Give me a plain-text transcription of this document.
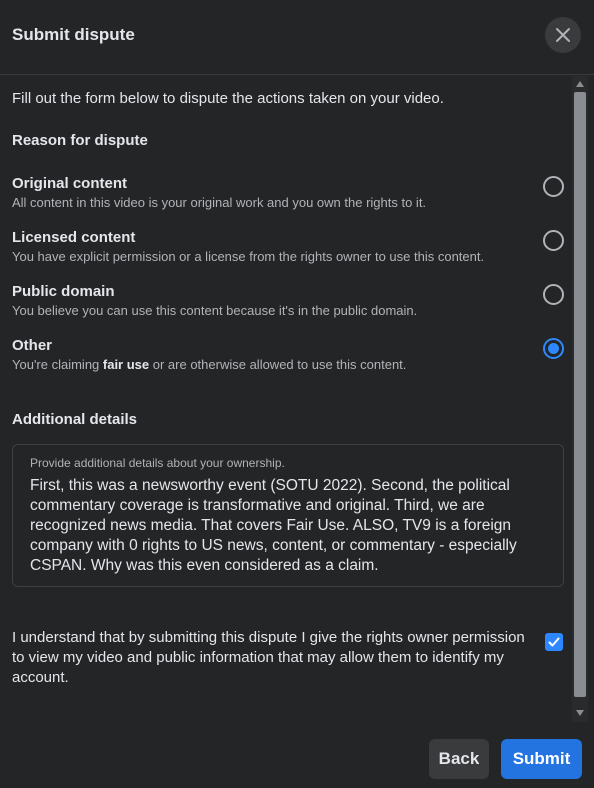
Submit dispute
Fill out the form below to dispute the actions taken on your video.
Reason for dispute
Original content
All content in this video is your original work and you own the rights to it.
Licensed content
You have explicit permission or a license from the rights owner to use this content.
Public domain
You believe you can use this content because it's in the public domain.
Other
You're claiming fair use or are otherwise allowed to use this content.
Additional details
Provide additional details about your ownership.
First, this was a newsworthy event (SOTU 2022). Second, the political commentary coverage is transformative and original. Third, we are recognized news media. That covers Fair Use. ALSO, TV9 is a foreign company with 0 rights to US news, content, or commentary - especially CSPAN. Why was this even considered as a claim.
I understand that by submitting this dispute I give the rights owner permission to view my video and public information that may allow them to identify my account.
Back	Submit
